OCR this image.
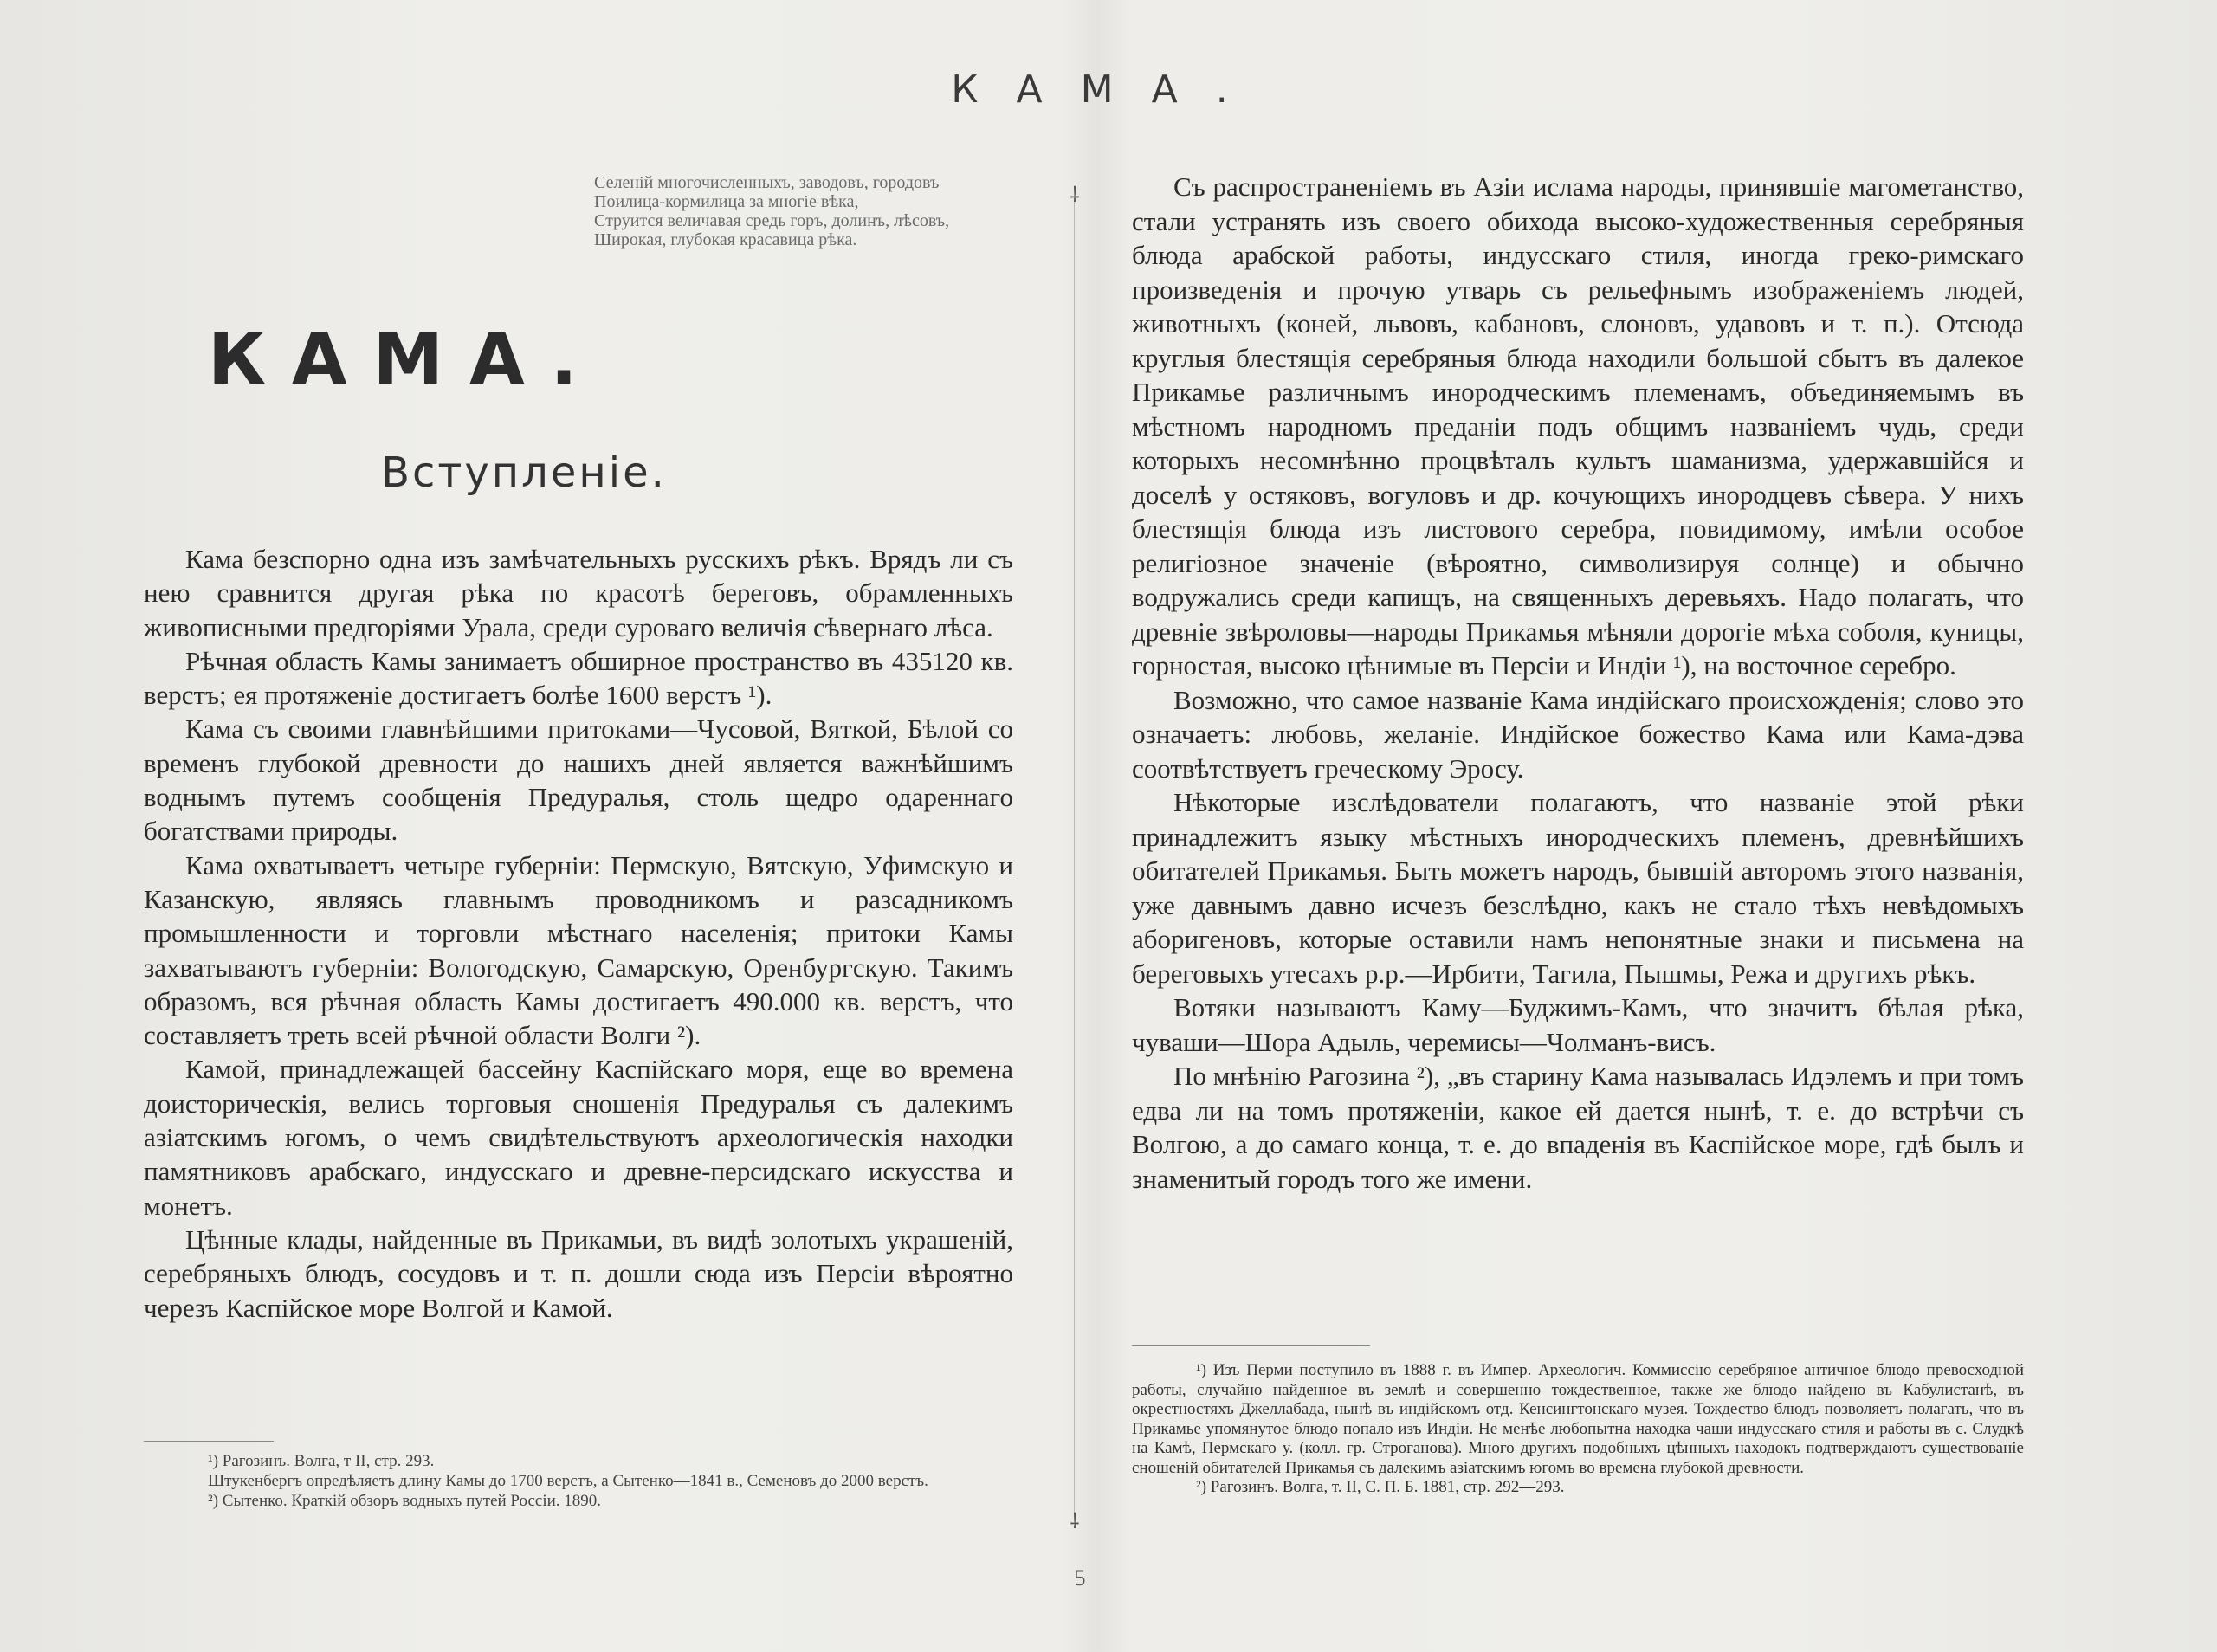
КАМА.
Селеній многочисленныхъ, заводовъ, городовъ
Поилица-кормилица за многіе вѣка,
Струится величавая средь горъ, долинъ, лѣсовъ,
Широкая, глубокая красавица рѣка.
КАМА.
Вступленіе.

Кама безспорно одна изъ замѣчательныхъ русскихъ рѣкъ. Врядъ ли съ нею сравнится другая рѣка по красотѣ береговъ, обрамленныхъ живописными предгоріями Урала, среди суроваго величія сѣвернаго лѣса.

Рѣчная область Камы занимаетъ обширное пространство въ 435120 кв. верстъ; ея протяженіе достигаетъ болѣе 1600 верстъ ¹).

Кама съ своими главнѣйшими притоками—Чусовой, Вяткой, Бѣлой со временъ глубокой древности до нашихъ дней является важнѣйшимъ воднымъ путемъ сообщенія Предуралья, столь щедро одареннаго богатствами природы.

Кама охватываетъ четыре губерніи: Пермскую, Вятскую, Уфимскую и Казанскую, являясь главнымъ проводникомъ и разсадникомъ промышленности и торговли мѣстнаго населенія; притоки Камы захватываютъ губерніи: Вологодскую, Самарскую, Оренбургскую. Такимъ образомъ, вся рѣчная область Камы достигаетъ 490.000 кв. верстъ, что составляетъ треть всей рѣчной области Волги ²).

Камой, принадлежащей бассейну Каспійскаго моря, еще во времена доисторическія, велись торговыя сношенія Предуралья съ далекимъ азіатскимъ югомъ, о чемъ свидѣтельствуютъ археологическія находки памятниковъ арабскаго, индусскаго и древне-персидскаго искусства и монетъ.

Цѣнные клады, найденные въ Прикамьи, въ видѣ золотыхъ украшеній, серебряныхъ блюдъ, сосудовъ и т. п. дошли сюда изъ Персіи вѣроятно черезъ Каспійское море Волгой и Камой.

¹) Рагозинъ. Волга, т II, стр. 293.

Штукенбергъ опредѣляетъ длину Камы до 1700 верстъ, а Сытенко—1841 в., Семеновъ до 2000 верстъ.

²) Сытенко. Краткій обзоръ водныхъ путей Россіи. 1890.

⸸
⸸

Съ распространеніемъ въ Азіи ислама народы, принявшіе магометанство, стали устранять изъ своего обихода высоко-художественныя серебряныя блюда арабской работы, индусскаго стиля, иногда греко-римскаго произведенія и прочую утварь съ рельефнымъ изображеніемъ людей, животныхъ (коней, львовъ, кабановъ, слоновъ, удавовъ и т. п.). Отсюда круглыя блестящія серебряныя блюда находили большой сбытъ въ далекое Прикамье различнымъ инородческимъ племенамъ, объединяемымъ въ мѣстномъ народномъ преданіи подъ общимъ названіемъ чудь, среди которыхъ несомнѣнно процвѣталъ культъ шаманизма, удержавшійся и доселѣ у остяковъ, вогуловъ и др. кочующихъ инородцевъ сѣвера. У нихъ блестящія блюда изъ листового серебра, повидимому, имѣли особое религіозное значеніе (вѣроятно, символизируя солнце) и обычно водружались среди капищъ, на священныхъ деревьяхъ. Надо полагать, что древніе звѣроловы—народы Прикамья мѣняли дорогіе мѣха соболя, куницы, горностая, высоко цѣнимые въ Персіи и Индіи ¹), на восточное серебро.

Возможно, что самое названіе Кама индійскаго происхожденія; слово это означаетъ: любовь, желаніе. Индійское божество Кама или Кама-дэва соотвѣтствуетъ греческому Эросу.

Нѣкоторые изслѣдователи полагаютъ, что названіе этой рѣки принадлежитъ языку мѣстныхъ инородческихъ племенъ, древнѣйшихъ обитателей Прикамья. Быть можетъ народъ, бывшій авторомъ этого названія, уже давнымъ давно исчезъ безслѣдно, какъ не стало тѣхъ невѣдомыхъ аборигеновъ, которые оставили намъ непонятные знаки и письмена на береговыхъ утесахъ р.р.—Ирбити, Тагила, Пышмы, Режа и другихъ рѣкъ.

Вотяки называютъ Каму—Буджимъ-Камъ, что значитъ бѣлая рѣка, чуваши—Шора Адыль, черемисы—Чолманъ-висъ.

По мнѣнію Рагозина ²), „въ старину Кама называлась Идэлемъ и при томъ едва ли на томъ протяженіи, какое ей дается нынѣ, т. е. до встрѣчи съ Волгою, а до самаго конца, т. е. до впаденія въ Каспійское море, гдѣ былъ и знаменитый городъ того же имени.

¹) Изъ Перми поступило въ 1888 г. въ Импер. Археологич. Коммиссію серебряное античное блюдо превосходной работы, случайно найденное въ землѣ и совершенно тождественное, также же блюдо найдено въ Кабулистанѣ, въ окрестностяхъ Джеллабада, нынѣ въ индійскомъ отд. Кенсингтонскаго музея. Тождество блюдъ позволяетъ полагать, что въ Прикамье упомянутое блюдо попало изъ Индіи. Не менѣе любопытна находка чаши индусскаго стиля и работы въ с. Слудкѣ на Камѣ, Пермскаго у. (колл. гр. Строганова). Много другихъ подобныхъ цѣнныхъ находокъ подтверждаютъ существованіе сношеній обитателей Прикамья съ далекимъ азіатскимъ югомъ во времена глубокой древности.

²) Рагозинъ. Волга, т. II, С. П. Б. 1881, стр. 292—293.

5
